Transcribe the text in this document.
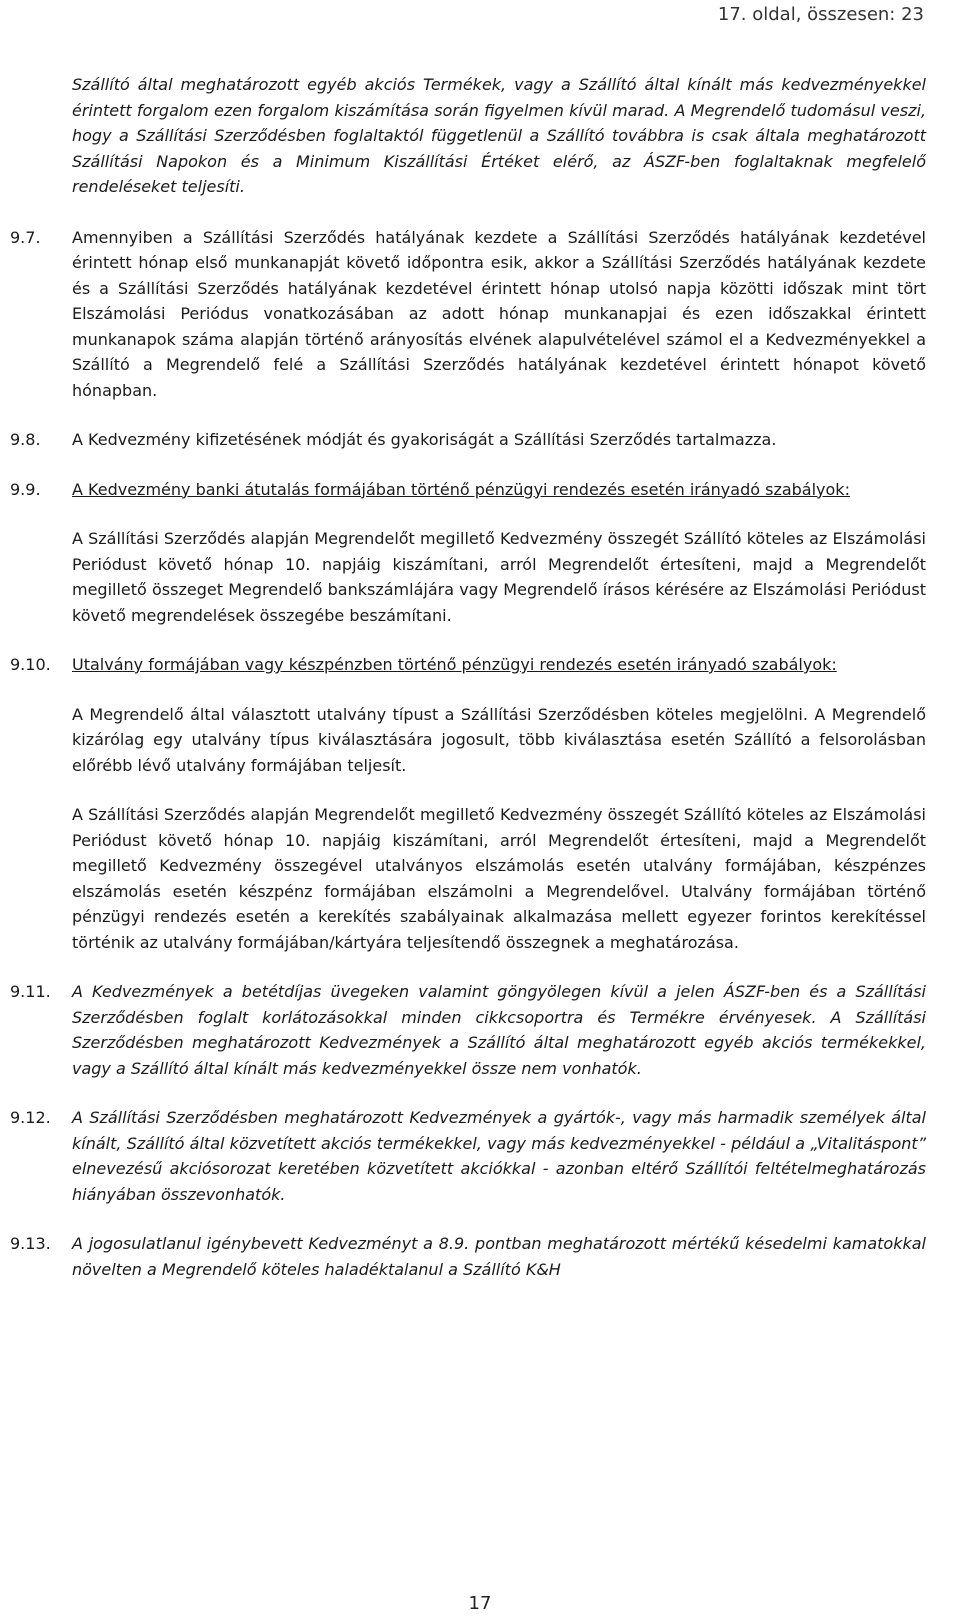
17. oldal, összesen: 23
Szállító által meghatározott egyéb akciós Termékek, vagy a Szállító által kínált más kedvezményekkel érintett forgalom ezen forgalom kiszámítása során figyelmen kívül marad. A Megrendelő tudomásul veszi, hogy a Szállítási Szerződésben foglaltaktól függetlenül a Szállító továbbra is csak általa meghatározott Szállítási Napokon és a Minimum Kiszállítási Értéket elérő, az ÁSZF-ben foglaltaknak megfelelő rendeléseket teljesíti.
9.7.	Amennyiben a Szállítási Szerződés hatályának kezdete a Szállítási Szerződés hatályának kezdetével érintett hónap első munkanapját követő időpontra esik, akkor a Szállítási Szerződés hatályának kezdete és a Szállítási Szerződés hatályának kezdetével érintett hónap utolsó napja közötti időszak mint tört Elszámolási Periódus vonatkozásában az adott hónap munkanapjai és ezen időszakkal érintett munkanapok száma alapján történő arányosítás elvének alapulvételével számol el a Kedvezményekkel a Szállító a Megrendelő felé a Szállítási Szerződés hatályának kezdetével érintett hónapot követő hónapban.
9.8.	A Kedvezmény kifizetésének módját és gyakoriságát a Szállítási Szerződés tartalmazza.
9.9.	A Kedvezmény banki átutalás formájában történő pénzügyi rendezés esetén irányadó szabályok:
A Szállítási Szerződés alapján Megrendelőt megillető Kedvezmény összegét Szállító köteles az Elszámolási Periódust követő hónap 10. napjáig kiszámítani, arról Megrendelőt értesíteni, majd a Megrendelőt megillető összeget Megrendelő bankszámlájára vagy Megrendelő írásos kérésére az Elszámolási Periódust követő megrendelések összegébe beszámítani.
9.10.	Utalvány formájában vagy készpénzben történő pénzügyi rendezés esetén irányadó szabályok:
A Megrendelő által választott utalvány típust a Szállítási Szerződésben köteles megjelölni. A Megrendelő kizárólag egy utalvány típus kiválasztására jogosult, több kiválasztása esetén Szállító a felsorolásban előrébb lévő utalvány formájában teljesít.
A Szállítási Szerződés alapján Megrendelőt megillető Kedvezmény összegét Szállító köteles az Elszámolási Periódust követő hónap 10. napjáig kiszámítani, arról Megrendelőt értesíteni, majd a Megrendelőt megillető Kedvezmény összegével utalványos elszámolás esetén utalvány formájában, készpénzes elszámolás esetén készpénz formájában elszámolni a Megrendelővel. Utalvány formájában történő pénzügyi rendezés esetén a kerekítés szabályainak alkalmazása mellett egyezer forintos kerekítéssel történik az utalvány formájában/kártyára teljesítendő összegnek a meghatározása.
9.11.	A Kedvezmények a betétdíjas üvegeken valamint göngyölegen kívül a jelen ÁSZF-ben és a Szállítási Szerződésben foglalt korlátozásokkal minden cikkcsoportra és Termékre érvényesek. A Szállítási Szerződésben meghatározott Kedvezmények a Szállító által meghatározott egyéb akciós termékekkel, vagy a Szállító által kínált más kedvezményekkel össze nem vonhatók.
9.12.	A Szállítási Szerződésben meghatározott Kedvezmények a gyártók-, vagy más harmadik személyek által kínált, Szállító által közvetített akciós termékekkel, vagy más kedvezményekkel - például a „Vitalitáspont” elnevezésű akciósorozat keretében közvetített akciókkal - azonban eltérő Szállítói feltételmeghatározás hiányában összevonhatók.
9.13.	A jogosulatlanul igénybevett Kedvezményt a 8.9. pontban meghatározott mértékű késedelmi kamatokkal növelten a Megrendelő köteles haladéktalanul a Szállító K&H
17
